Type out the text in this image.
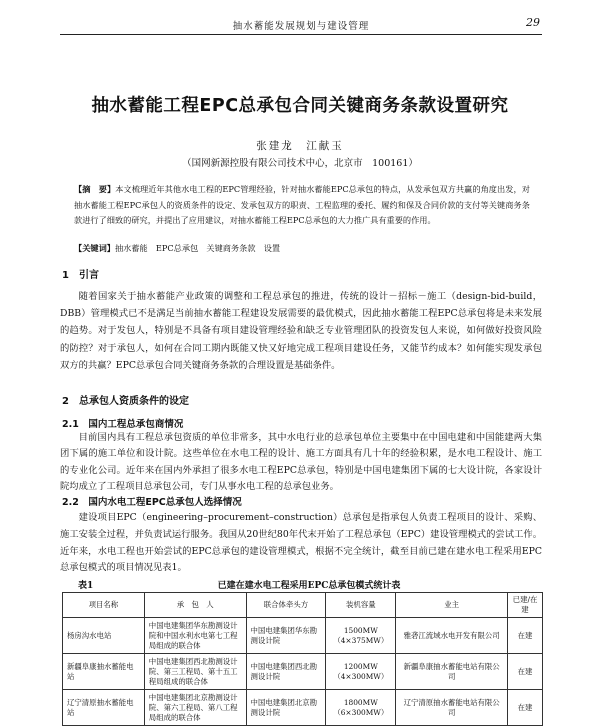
抽水蓄能发展规划与建设管理	29
抽水蓄能工程EPC总承包合同关键商务条款设置研究
张建龙　江献玉
（国网新源控股有限公司技术中心，北京市　100161）
【摘　要】本文梳理近年其他水电工程的EPC管理经验，针对抽水蓄能EPC总承包的特点，从发承包双方共赢的角度出发，对抽水蓄能工程EPC承包人的资质条件的设定、发承包双方的职责、工程监理的委托、履约和保及合同价款的支付等关键商务条款进行了细致的研究，并提出了应用建议，对抽水蓄能工程EPC总承包的大力推广具有重要的作用。
【关键词】抽水蓄能　EPC总承包　关键商务条款　设置
1　引言
随着国家关于抽水蓄能产业政策的调整和工程总承包的推进，传统的设计－招标－施工（design-bid-build，DBB）管理模式已不是满足当前抽水蓄能工程建设发展需要的最优模式，因此抽水蓄能工程EPC总承包将是未来发展的趋势。对于发包人，特别是不具备有项目建设管理经验和缺乏专业管理团队的投资发包人来说，如何做好投资风险的防控？对于承包人，如何在合同工期内既能又快又好地完成工程项目建设任务，又能节约成本？如何能实现发承包双方的共赢？EPC总承包合同关键商务条款的合理设置是基础条件。
2　总承包人资质条件的设定
2.1　国内工程总承包商情况
目前国内具有工程总承包资质的单位非常多，其中水电行业的总承包单位主要集中在中国电建和中国能建两大集团下属的施工单位和设计院。这些单位在水电工程的设计、施工方面具有几十年的经验积累，是水电工程设计、施工的专业化公司。近年来在国内外承担了很多水电工程EPC总承包，特别是中国电建集团下属的七大设计院，各家设计院均成立了工程项目总承包公司，专门从事水电工程的总承包业务。
2.2　国内水电工程EPC总承包人选择情况
建设项目EPC（engineering–procurement–construction）总承包是指承包人负责工程项目的设计、采购、施工安装全过程，并负责试运行服务。我国从20世纪80年代末开始了工程总承包（EPC）建设管理模式的尝试工作。近年来，水电工程也开始尝试的EPC总承包的建设管理模式，根据不完全统计，截至目前已建在建水电工程采用EPC总承包模式的项目情况见表1。
表1	已建在建水电工程采用EPC总承包模式统计表
项目名称	承　包　人	联合体牵头方	装机容量	业主	已建/在建
杨房沟水电站	中国电建集团华东勘测设计院和中国水利水电第七工程局组成的联合体	中国电建集团华东勘测设计院	1500MW（4×375MW）	雅砻江流域水电开发有限公司	在建
新疆阜康抽水蓄能电站	中国电建集团西北勘测设计院、第三工程局、第十五工程局组成的联合体	中国电建集团西北勘测设计院	1200MW（4×300MW）	新疆阜康抽水蓄能电站有限公司	在建
辽宁清原抽水蓄能电站	中国电建集团北京勘测设计院、第六工程局、第八工程局组成的联合体	中国电建集团北京勘测设计院	1800MW（6×300MW）	辽宁清原抽水蓄能电站有限公司	在建
